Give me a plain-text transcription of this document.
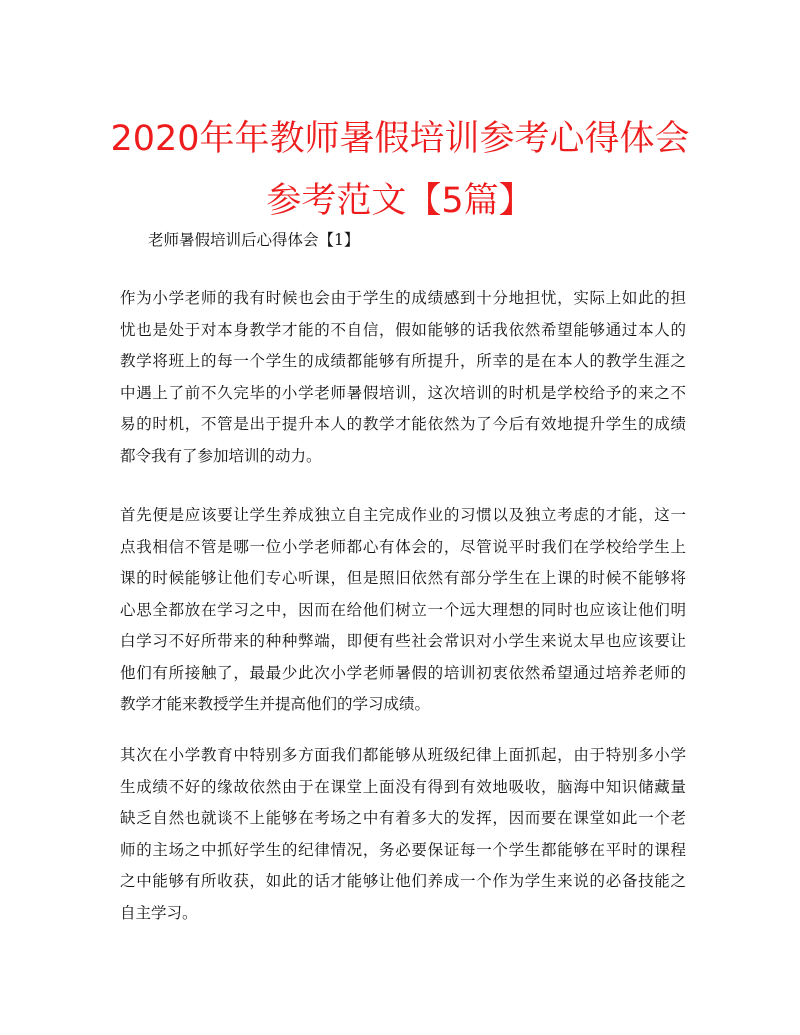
2020年年教师暑假培训参考心得体会参考范文【5篇】
老师暑假培训后心得体会【1】
作为小学老师的我有时候也会由于学生的成绩感到十分地担忧，实际上如此的担
忧也是处于对本身教学才能的不自信，假如能够的话我依然希望能够通过本人的
教学将班上的每一个学生的成绩都能够有所提升，所幸的是在本人的教学生涯之
中遇上了前不久完毕的小学老师暑假培训，这次培训的时机是学校给予的来之不
易的时机，不管是出于提升本人的教学才能依然为了今后有效地提升学生的成绩
都令我有了参加培训的动力。
首先便是应该要让学生养成独立自主完成作业的习惯以及独立考虑的才能，这一
点我相信不管是哪一位小学老师都心有体会的，尽管说平时我们在学校给学生上
课的时候能够让他们专心听课，但是照旧依然有部分学生在上课的时候不能够将
心思全都放在学习之中，因而在给他们树立一个远大理想的同时也应该让他们明
白学习不好所带来的种种弊端，即便有些社会常识对小学生来说太早也应该要让
他们有所接触了，最最少此次小学老师暑假的培训初衷依然希望通过培养老师的
教学才能来教授学生并提高他们的学习成绩。
其次在小学教育中特别多方面我们都能够从班级纪律上面抓起，由于特别多小学
生成绩不好的缘故依然由于在课堂上面没有得到有效地吸收，脑海中知识储藏量
缺乏自然也就谈不上能够在考场之中有着多大的发挥，因而要在课堂如此一个老
师的主场之中抓好学生的纪律情况，务必要保证每一个学生都能够在平时的课程
之中能够有所收获，如此的话才能够让他们养成一个作为学生来说的必备技能之
自主学习。
